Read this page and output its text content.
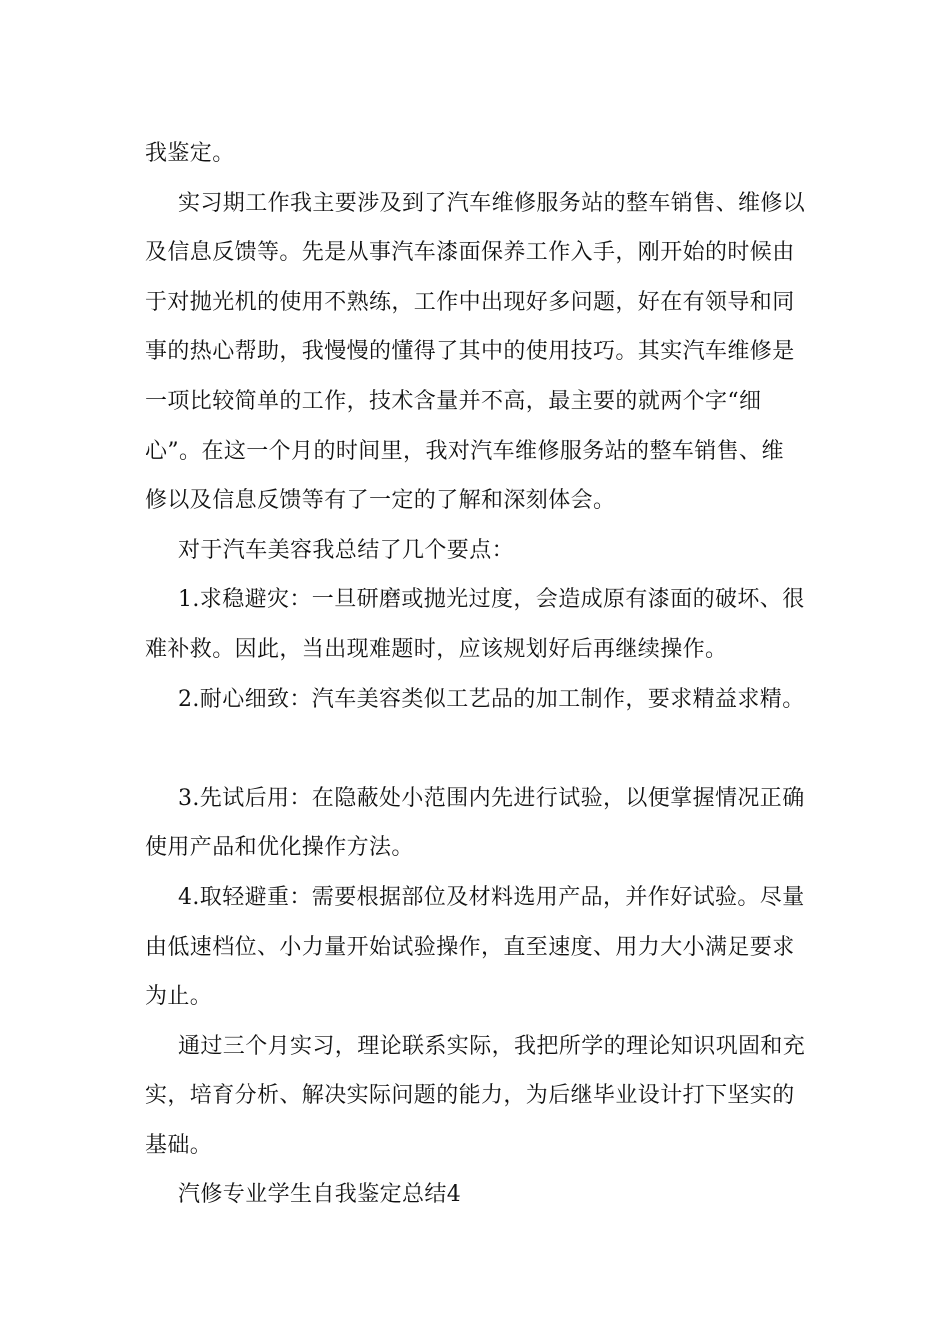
我鉴定。
实习期工作我主要涉及到了汽车维修服务站的整车销售、维修以
及信息反馈等。先是从事汽车漆面保养工作入手，刚开始的时候由
于对抛光机的使用不熟练，工作中出现好多问题，好在有领导和同
事的热心帮助，我慢慢的懂得了其中的使用技巧。其实汽车维修是
一项比较简单的工作，技术含量并不高，最主要的就两个字“细
心”。在这一个月的时间里，我对汽车维修服务站的整车销售、维
修以及信息反馈等有了一定的了解和深刻体会。
对于汽车美容我总结了几个要点：
1.求稳避灾：一旦研磨或抛光过度，会造成原有漆面的破坏、很
难补救。因此，当出现难题时，应该规划好后再继续操作。
2.耐心细致：汽车美容类似工艺品的加工制作，要求精益求精。
3.先试后用：在隐蔽处小范围内先进行试验，以便掌握情况正确
使用产品和优化操作方法。
4.取轻避重：需要根据部位及材料选用产品，并作好试验。尽量
由低速档位、小力量开始试验操作，直至速度、用力大小满足要求
为止。
通过三个月实习，理论联系实际，我把所学的理论知识巩固和充
实，培育分析、解决实际问题的能力，为后继毕业设计打下坚实的
基础。
汽修专业学生自我鉴定总结4
